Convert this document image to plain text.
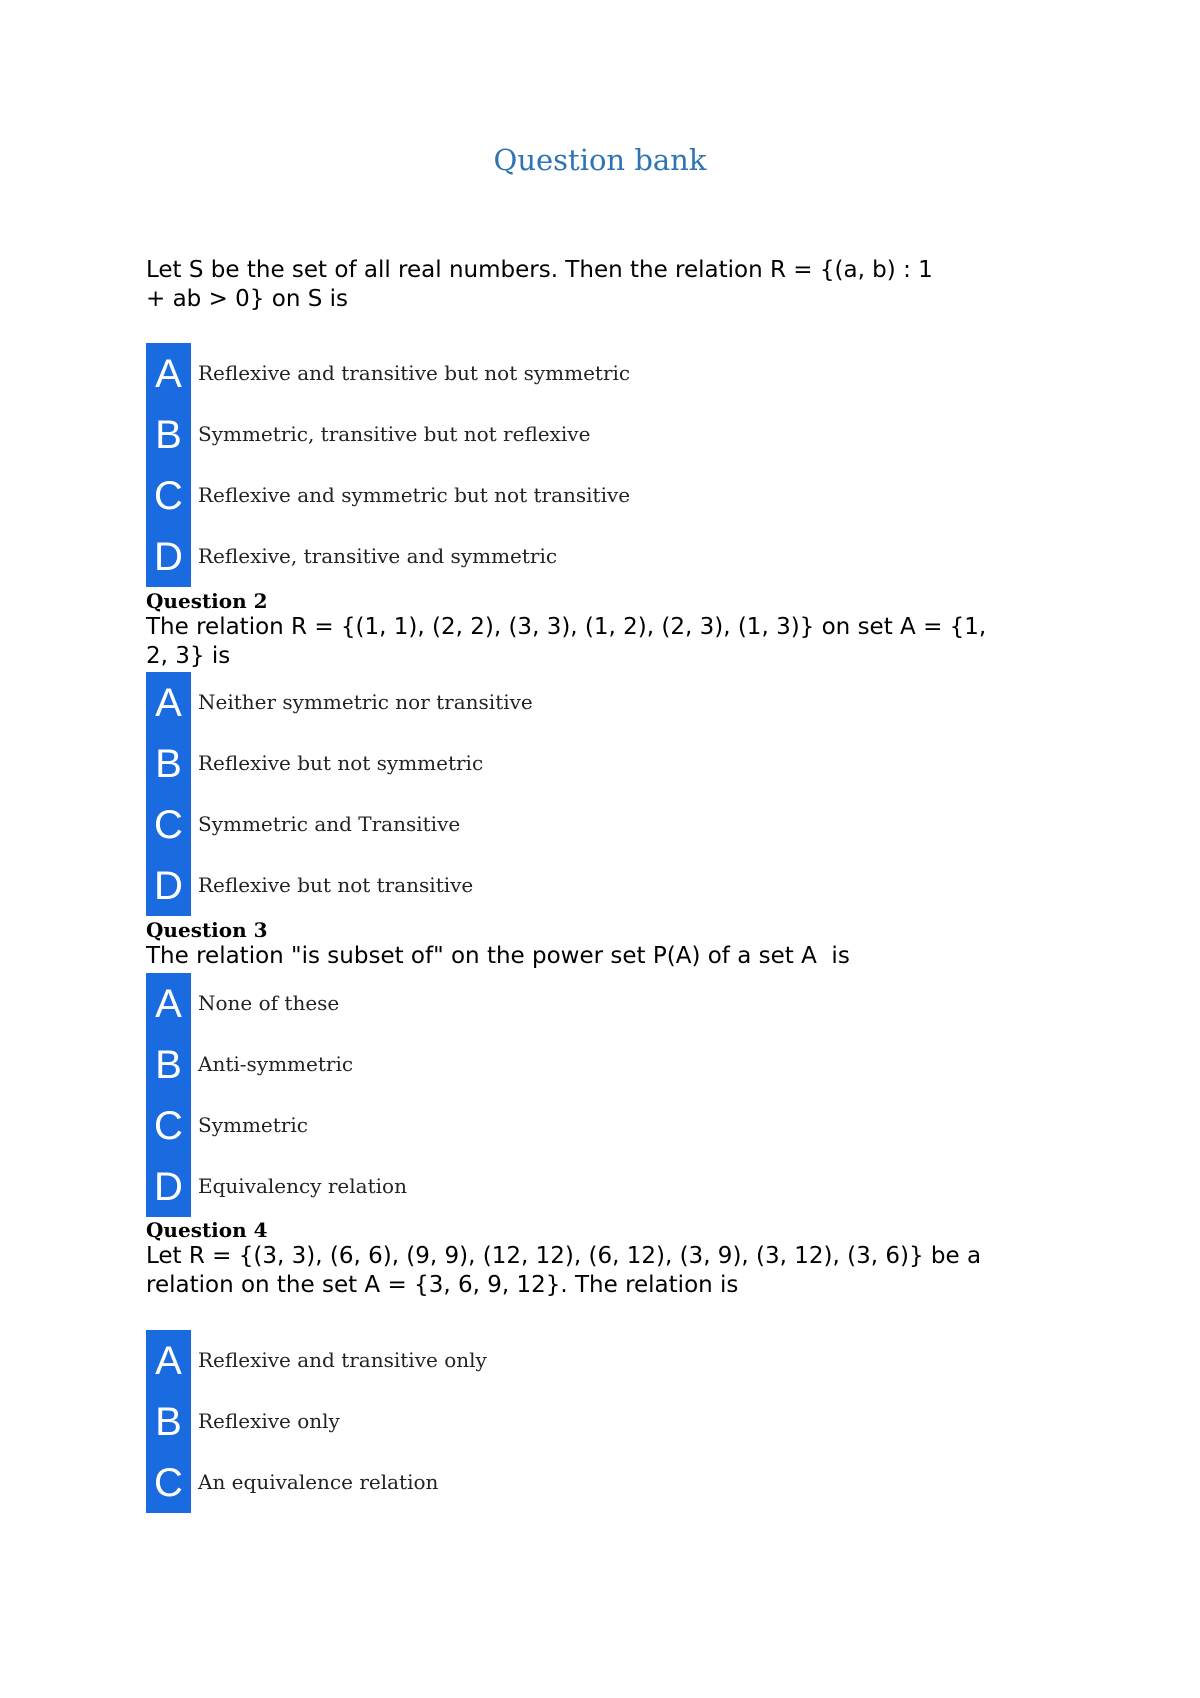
Question bank
Let S be the set of all real numbers. Then the relation R = {(a, b) : 1
+ ab > 0} on S is
A Reflexive and transitive but not symmetric
B Symmetric, transitive but not reflexive
C Reflexive and symmetric but not transitive
D Reflexive, transitive and symmetric
Question 2
The relation R = {(1, 1), (2, 2), (3, 3), (1, 2), (2, 3), (1, 3)} on set A = {1,
2, 3} is
A Neither symmetric nor transitive
B Reflexive but not symmetric
C Symmetric and Transitive
D Reflexive but not transitive
Question 3
The relation "is subset of" on the power set P(A) of a set A  is
A None of these
B Anti-symmetric
C Symmetric
D Equivalency relation
Question 4
Let R = {(3, 3), (6, 6), (9, 9), (12, 12), (6, 12), (3, 9), (3, 12), (3, 6)} be a
relation on the set A = {3, 6, 9, 12}. The relation is
A Reflexive and transitive only
B Reflexive only
C An equivalence relation
